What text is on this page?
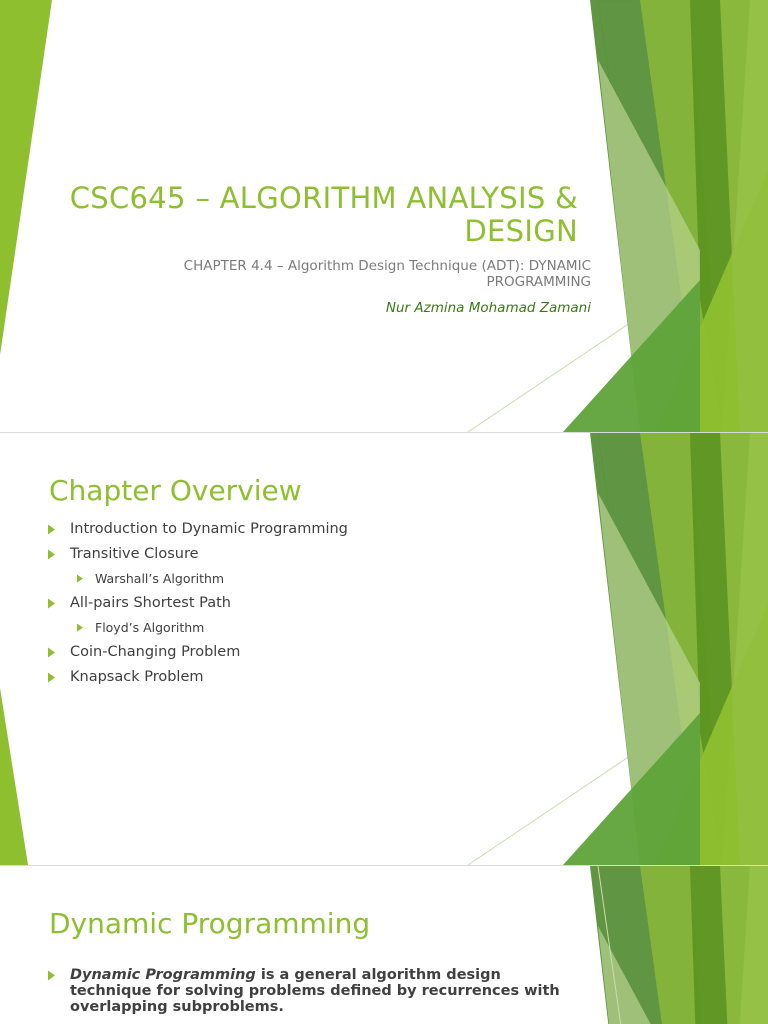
CSC645 – ALGORITHM ANALYSIS & DESIGN
CHAPTER 4.4 – Algorithm Design Technique (ADT): DYNAMIC PROGRAMMING
Nur Azmina Mohamad Zamani
Chapter Overview
Introduction to Dynamic Programming
Transitive Closure
Warshall’s Algorithm
All-pairs Shortest Path
Floyd’s Algorithm
Coin-Changing Problem
Knapsack Problem
Dynamic Programming
Dynamic Programming is a general algorithm design technique for solving problems defined by recurrences with overlapping subproblems.
